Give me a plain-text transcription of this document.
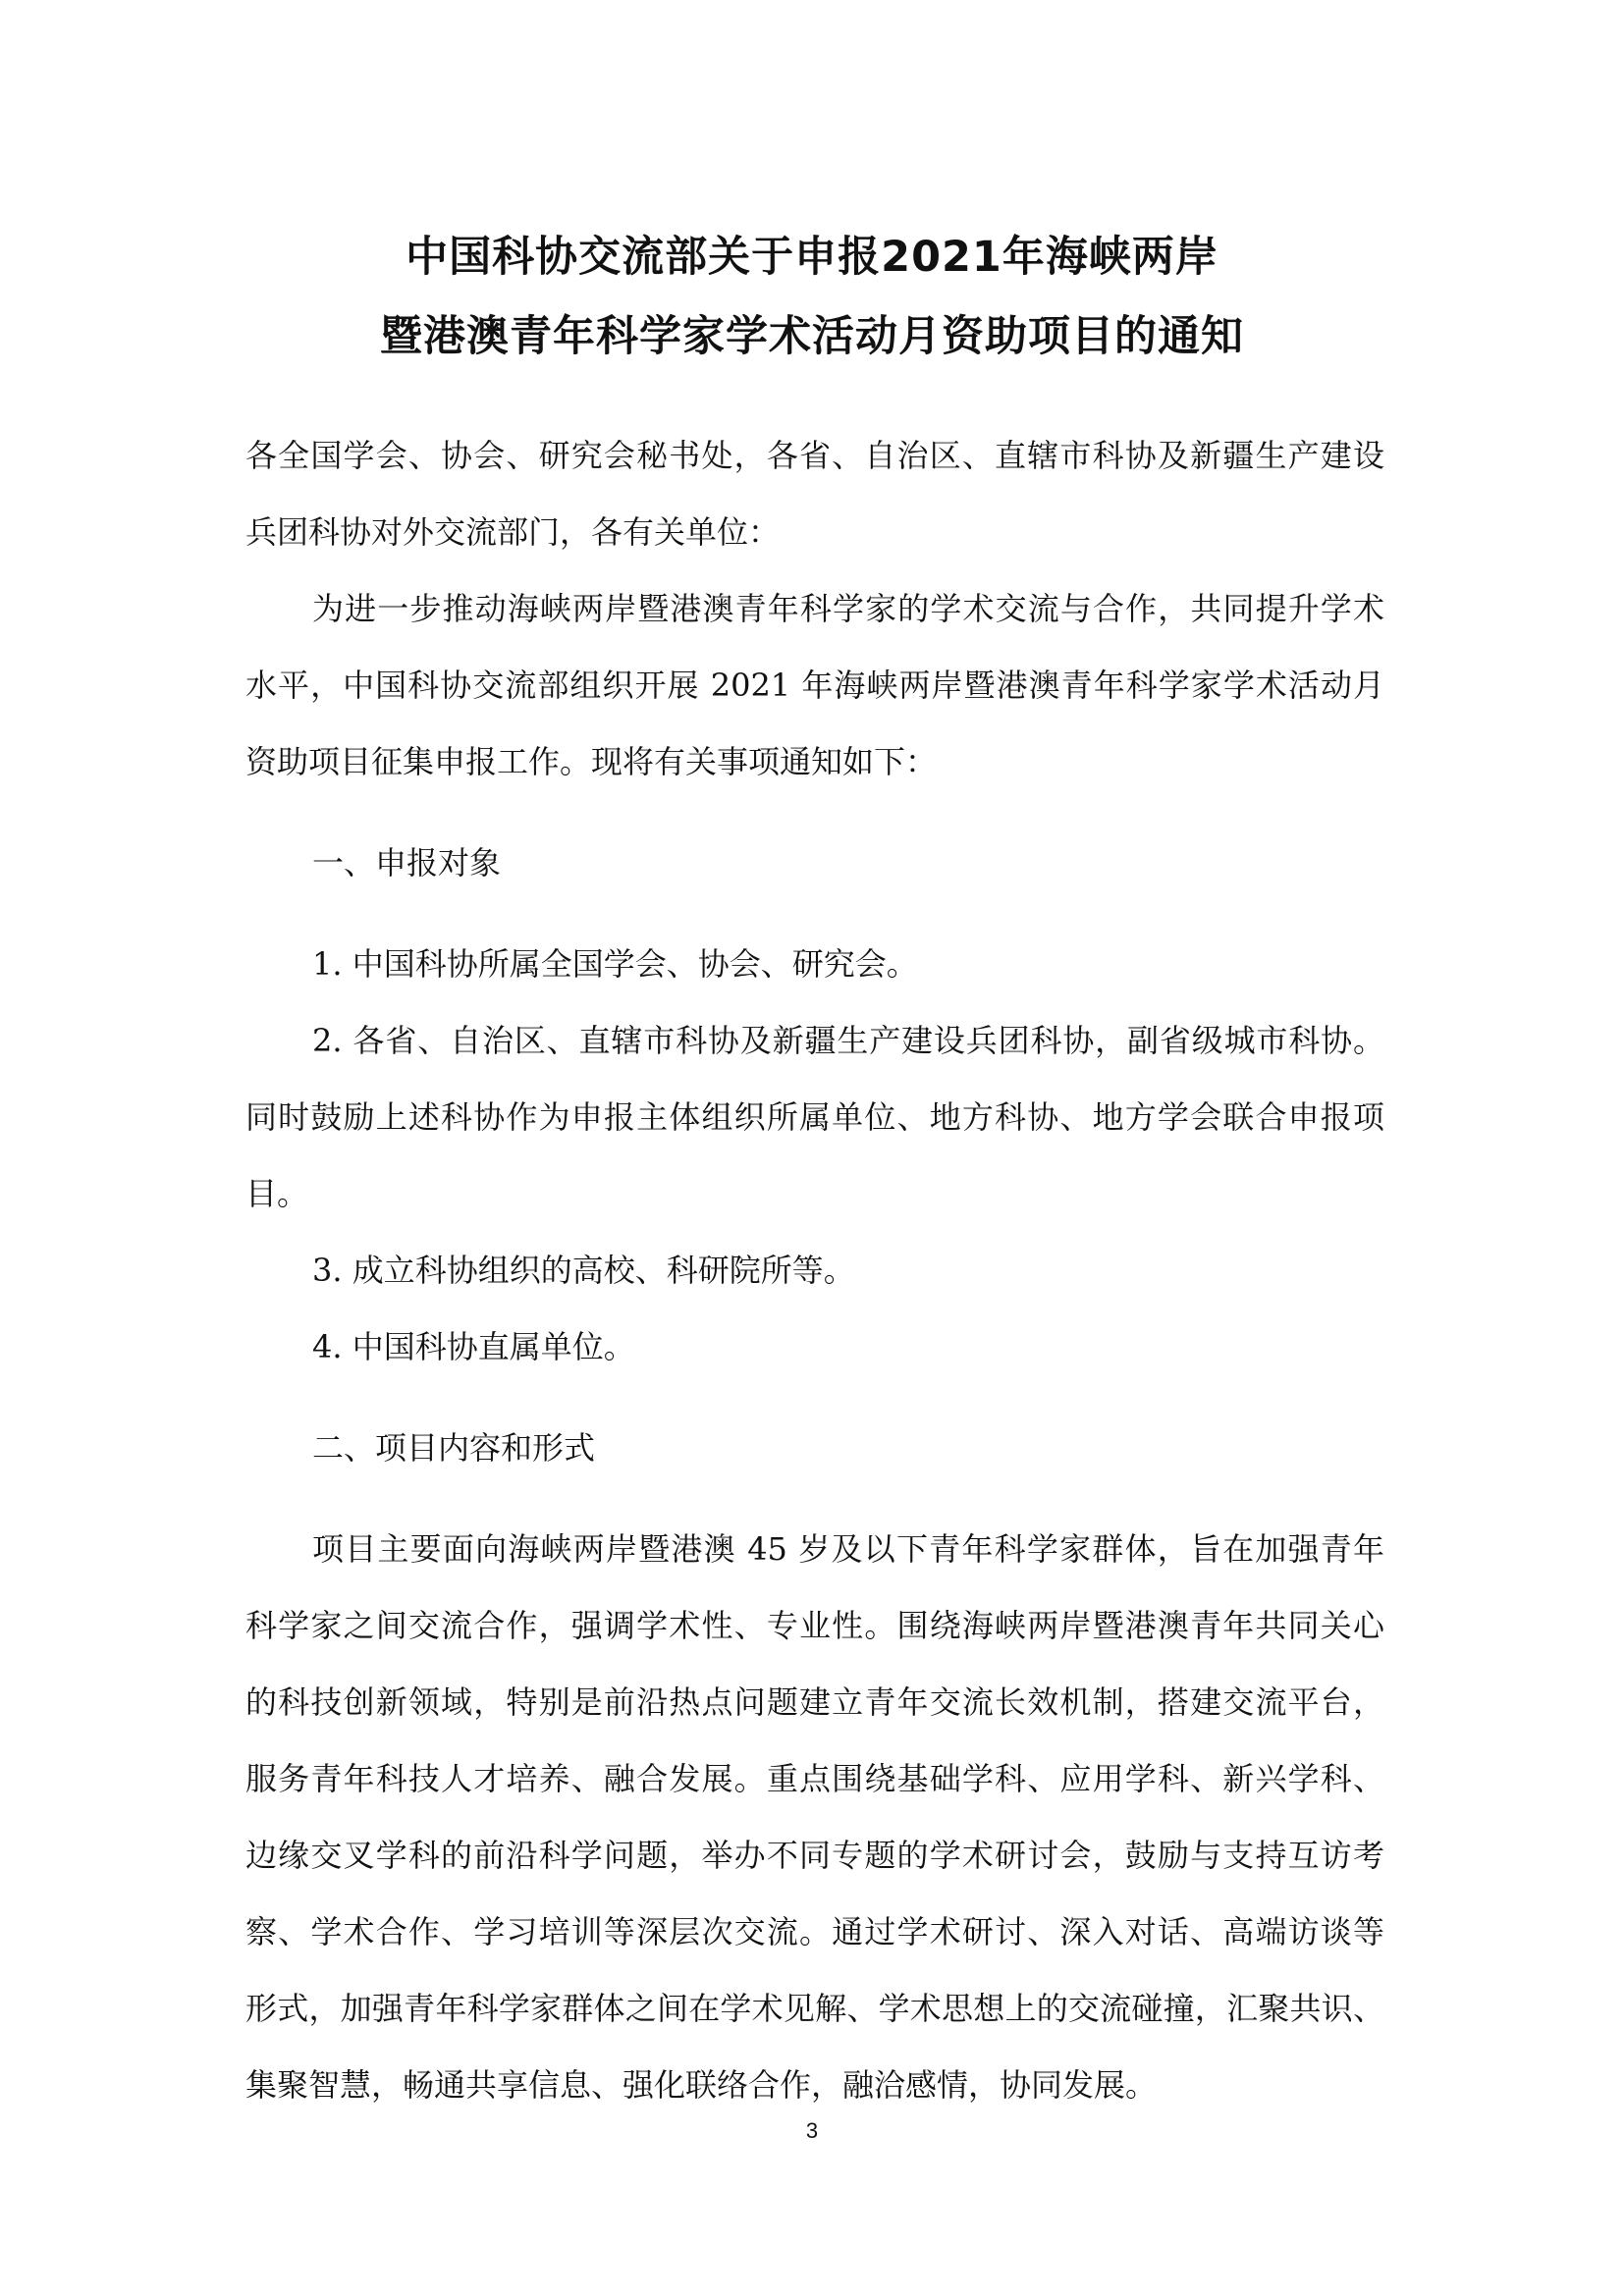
中国科协交流部关于申报2021年海峡两岸
暨港澳青年科学家学术活动月资助项目的通知
各全国学会、协会、研究会秘书处，各省、自治区、直辖市科协及新疆生产建设
兵团科协对外交流部门，各有关单位：
为进一步推动海峡两岸暨港澳青年科学家的学术交流与合作，共同提升学术
水平，中国科协交流部组织开展 2021 年海峡两岸暨港澳青年科学家学术活动月
资助项目征集申报工作。现将有关事项通知如下：
一、申报对象
1. 中国科协所属全国学会、协会、研究会。
2. 各省、自治区、直辖市科协及新疆生产建设兵团科协，副省级城市科协。
同时鼓励上述科协作为申报主体组织所属单位、地方科协、地方学会联合申报项
目。
3. 成立科协组织的高校、科研院所等。
4. 中国科协直属单位。
二、项目内容和形式
项目主要面向海峡两岸暨港澳 45 岁及以下青年科学家群体，旨在加强青年
科学家之间交流合作，强调学术性、专业性。围绕海峡两岸暨港澳青年共同关心
的科技创新领域，特别是前沿热点问题建立青年交流长效机制，搭建交流平台，
服务青年科技人才培养、融合发展。重点围绕基础学科、应用学科、新兴学科、
边缘交叉学科的前沿科学问题，举办不同专题的学术研讨会，鼓励与支持互访考
察、学术合作、学习培训等深层次交流。通过学术研讨、深入对话、高端访谈等
形式，加强青年科学家群体之间在学术见解、学术思想上的交流碰撞，汇聚共识、
集聚智慧，畅通共享信息、强化联络合作，融洽感情，协同发展。
3
